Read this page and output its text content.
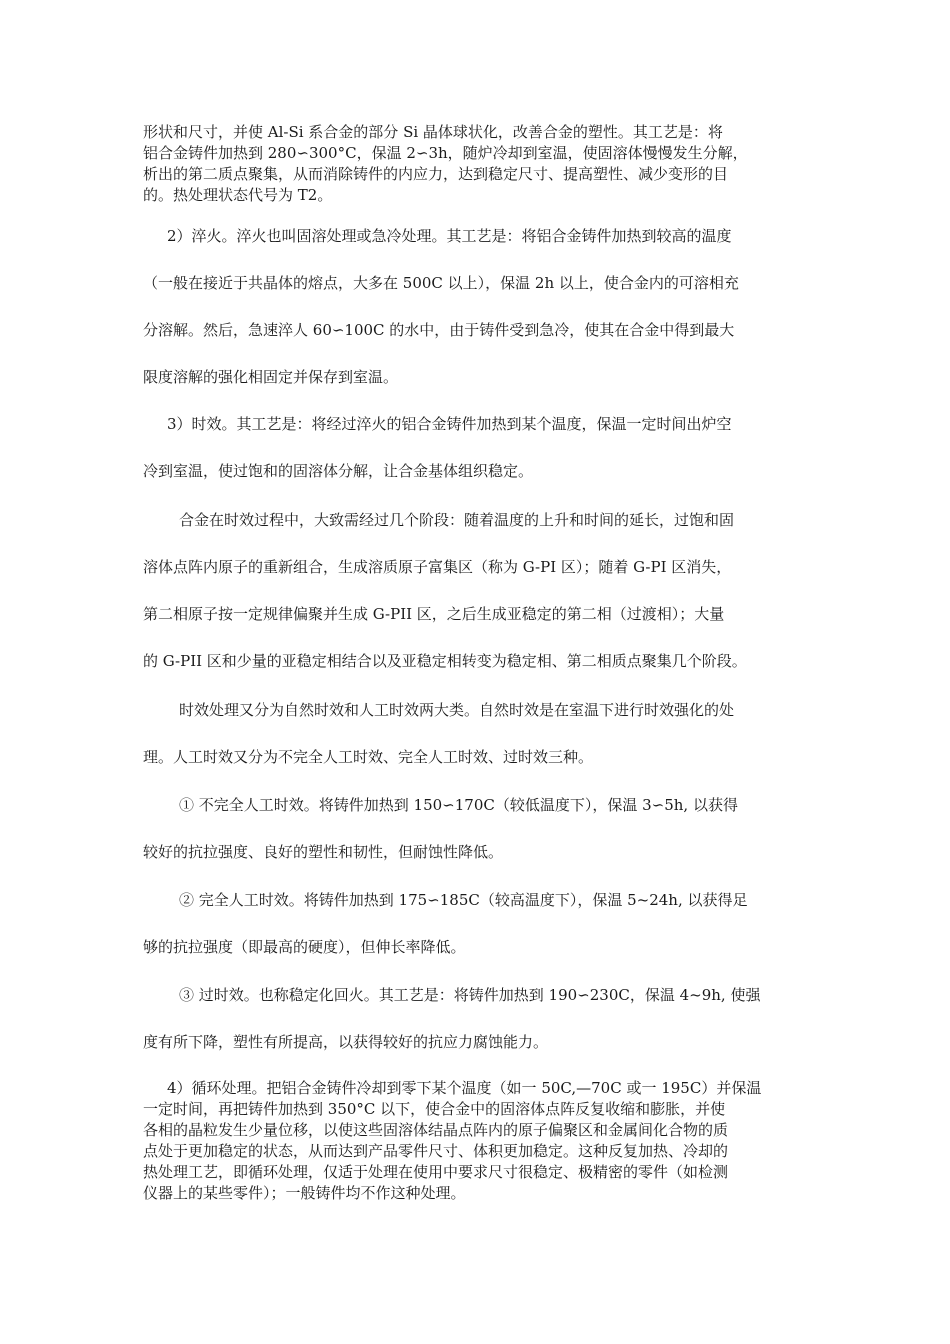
形状和尺寸，并使 Al-Si 系合金的部分 Si 晶体球状化，改善合金的塑性。其工艺是：将
铝合金铸件加热到 280∽300°C，保温 2∽3h，随炉冷却到室温，使固溶体慢慢发生分解，
析出的第二质点聚集，从而消除铸件的内应力，达到稳定尺寸、提高塑性、减少变形的目
的。热处理状态代号为 T2。

2）淬火。淬火也叫固溶处理或急冷处理。其工艺是：将铝合金铸件加热到较高的温度
（一般在接近于共晶体的熔点，大多在 500C 以上），保温 2h 以上，使合金内的可溶相充
分溶解。然后，急速淬人 60∽100C 的水中，由于铸件受到急冷，使其在合金中得到最大
限度溶解的强化相固定并保存到室温。

3）时效。其工艺是：将经过淬火的铝合金铸件加热到某个温度，保温一定时间出炉空
冷到室温，使过饱和的固溶体分解，让合金基体组织稳定。

合金在时效过程中，大致需经过几个阶段：随着温度的上升和时间的延长，过饱和固
溶体点阵内原子的重新组合，生成溶质原子富集区（称为 G-PI 区）；随着 G-PI 区消失，
第二相原子按一定规律偏聚并生成 G-PII 区，之后生成亚稳定的第二相（过渡相）；大量
的 G-PII 区和少量的亚稳定相结合以及亚稳定相转变为稳定相、第二相质点聚集几个阶段。

时效处理又分为自然时效和人工时效两大类。自然时效是在室温下进行时效强化的处
理。人工时效又分为不完全人工时效、完全人工时效、过时效三种。

① 不完全人工时效。将铸件加热到 150∽170C（较低温度下），保温 3∽5h, 以获得
较好的抗拉强度、良好的塑性和韧性，但耐蚀性降低。

② 完全人工时效。将铸件加热到 175∽185C（较高温度下），保温 5~24h, 以获得足
够的抗拉强度（即最高的硬度），但伸长率降低。

③ 过时效。也称稳定化回火。其工艺是：将铸件加热到 190∽230C，保温 4~9h, 使强
度有所下降，塑性有所提高，以获得较好的抗应力腐蚀能力。

4）循环处理。把铝合金铸件冷却到零下某个温度（如一 50C,—70C 或一 195C）并保温
一定时间，再把铸件加热到 350°C 以下，使合金中的固溶体点阵反复收缩和膨胀，并使
各相的晶粒发生少量位移，以使这些固溶体结晶点阵内的原子偏聚区和金属间化合物的质
点处于更加稳定的状态，从而达到产品零件尺寸、体积更加稳定。这种反复加热、冷却的
热处理工艺，即循环处理，仅适于处理在使用中要求尺寸很稳定、极精密的零件（如检测
仪器上的某些零件）；一般铸件均不作这种处理。
